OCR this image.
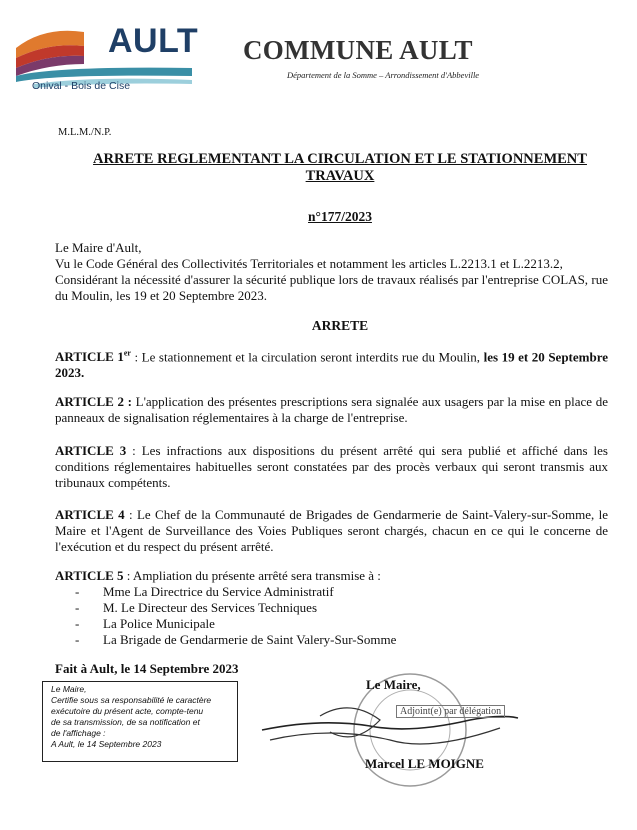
AULT
Onival - Bois de Cise
COMMUNE AULT
Département de la Somme – Arrondissement d'Abbeville
M.L.M./N.P.
ARRETE REGLEMENTANT LA CIRCULATION ET LE STATIONNEMENT
TRAVAUX
n°177/2023

Le Maire d'Ault,

Vu le Code Général des Collectivités Territoriales et notamment les articles L.2213.1 et L.2213.2,

Considérant la nécessité d'assurer la sécurité publique lors de travaux réalisés par l'entreprise COLAS, rue du Moulin, les 19 et 20 Septembre 2023.

ARRETE

ARTICLE 1er : Le stationnement et la circulation seront interdits rue du Moulin, les 19 et 20 Septembre 2023.

ARTICLE 2 : L'application des présentes prescriptions sera signalée aux usagers par la mise en place de panneaux de signalisation réglementaires à la charge de l'entreprise.

ARTICLE 3 : Les infractions aux dispositions du présent arrêté qui sera publié et affiché dans les conditions réglementaires habituelles seront constatées par des procès verbaux qui seront transmis aux tribunaux compétents.

ARTICLE 4 : Le Chef de la Communauté de Brigades de Gendarmerie de Saint-Valery-sur-Somme, le Maire et l'Agent de Surveillance des Voies Publiques seront chargés, chacun en ce qui le concerne de l'exécution et du respect du présent arrêté.

ARTICLE 5 : Ampliation du présente arrêté sera transmise à :

- Mme La Directrice du Service Administratif
- M. Le Directeur des Services Techniques
- La Police Municipale
- La Brigade de Gendarmerie de Saint Valery-Sur-Somme
Fait à Ault, le 14 Septembre 2023
Le Maire,
Certifie sous sa responsabilité le caractère
exécutoire du présent acte, compte-tenu
de sa transmission, de sa notification et
de l'affichage :
A Ault, le 14 Septembre 2023
Le Maire,
Adjoint(e) par délégation
Marcel LE MOIGNE
